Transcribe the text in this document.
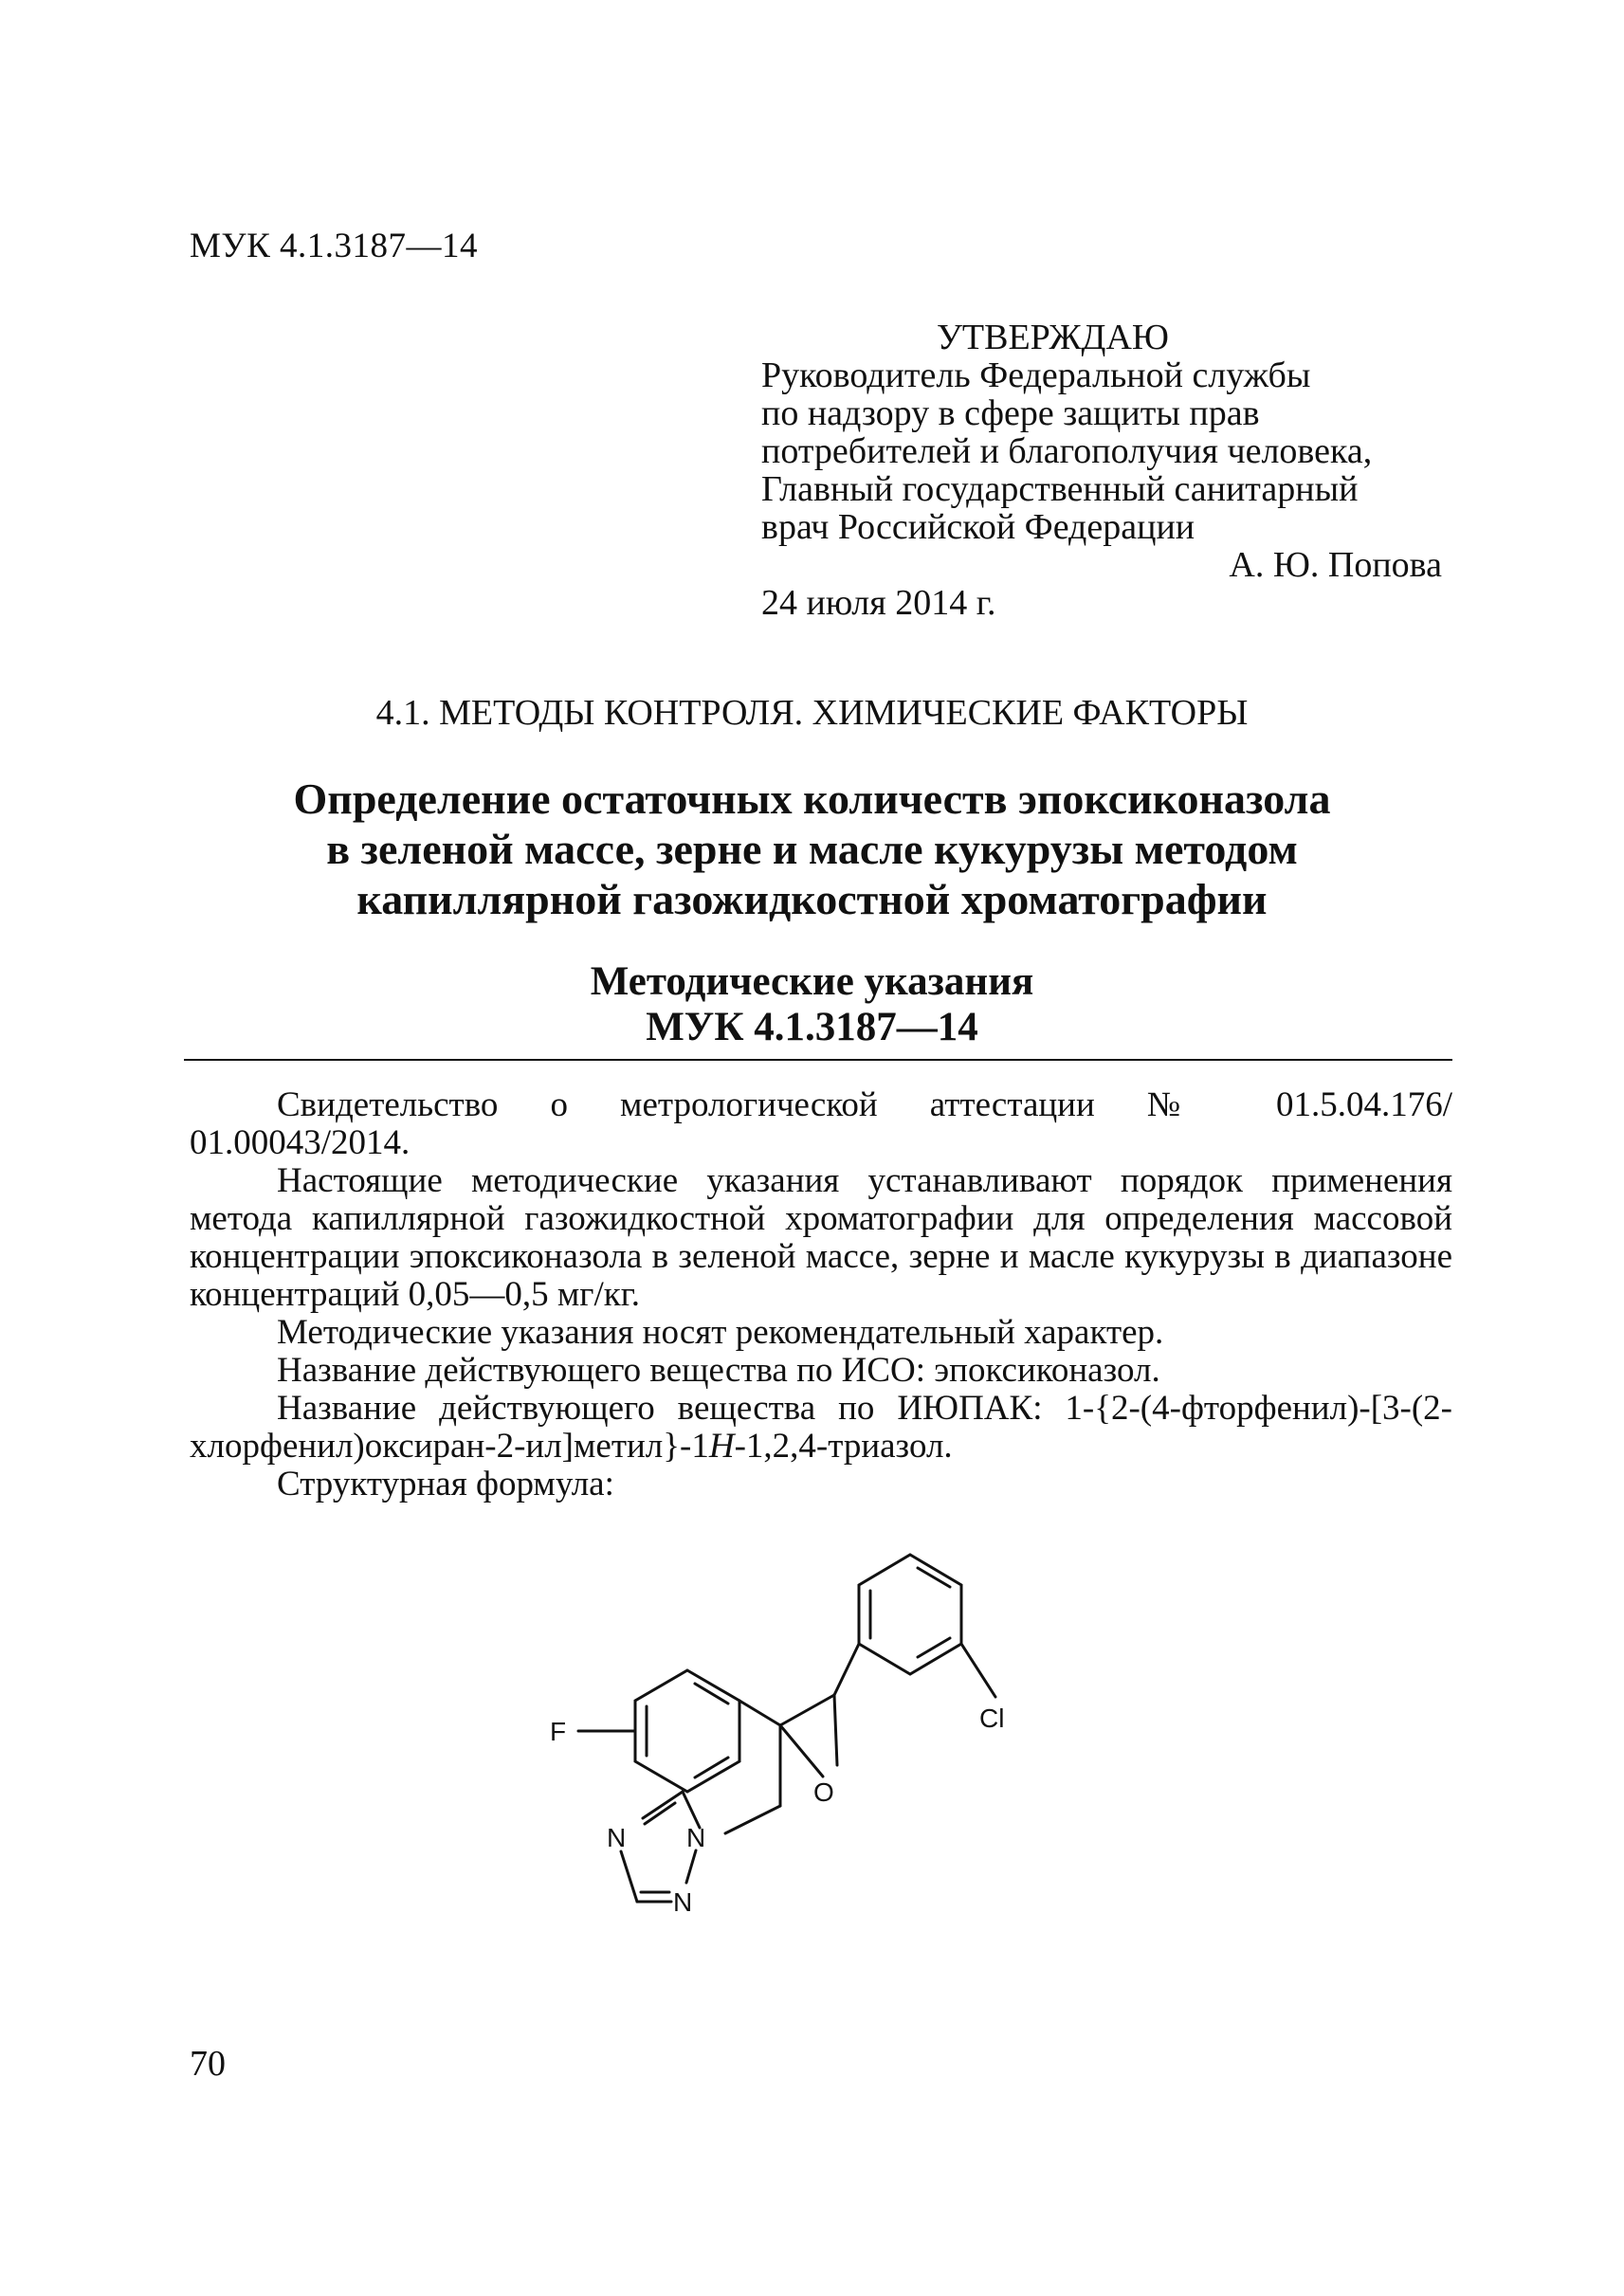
МУК 4.1.3187—14
УТВЕРЖДАЮ
Руководитель Федеральной службы
по надзору в сфере защиты прав
потребителей и благополучия человека,
Главный государственный санитарный
врач Российской Федерации
А. Ю. Попова
24 июля 2014 г.
4.1. МЕТОДЫ КОНТРОЛЯ. ХИМИЧЕСКИЕ ФАКТОРЫ
Определение остаточных количеств эпоксиконазола
в зеленой массе, зерне и масле кукурузы методом
капиллярной газожидкостной хроматографии
Методические указания
МУК 4.1.3187—14

Свидетельство о метрологической аттестации № 01.5.04.176/

01.00043/2014.

Настоящие методические указания устанавливают порядок применения метода капиллярной газожидкостной хроматографии для определения массовой концентрации эпоксиконазола в зеленой массе, зерне и масле кукурузы в диапазоне концентраций 0,05—0,5 мг/кг.

Методические указания носят рекомендательный характер.

Название действующего вещества по ИСО: эпоксиконазол.

Название действующего вещества по ИЮПАК: 1-{2-(4-фторфенил)-[3-(2-хлорфенил)оксиран-2-ил]метил}-1H-1,2,4-триазол.

Структурная формула:

Cl
O
F
N
N
N
70
